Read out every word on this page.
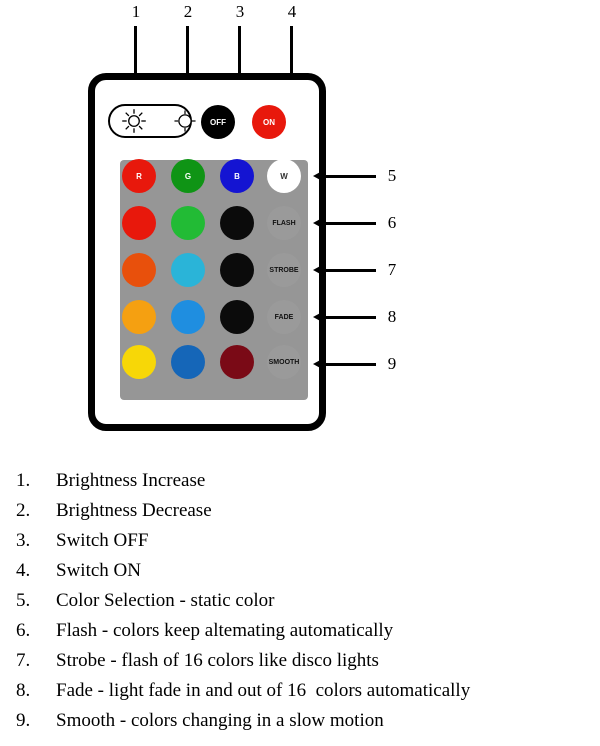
1	2	3	4
OFF	ON
R	G	B	W
FLASH
STROBE
FADE
SMOOTH
5
6
7
8
9
1.	Brightness Increase
2.	Brightness Decrease
3.	Switch OFF
4.	Switch ON
5.	Color Selection - static color
6.	Flash - colors keep altemating automatically
7.	Strobe - flash of 16 colors like disco lights
8.	Fade - light fade in and out of 16  colors automatically
9.	Smooth - colors changing in a slow motion
